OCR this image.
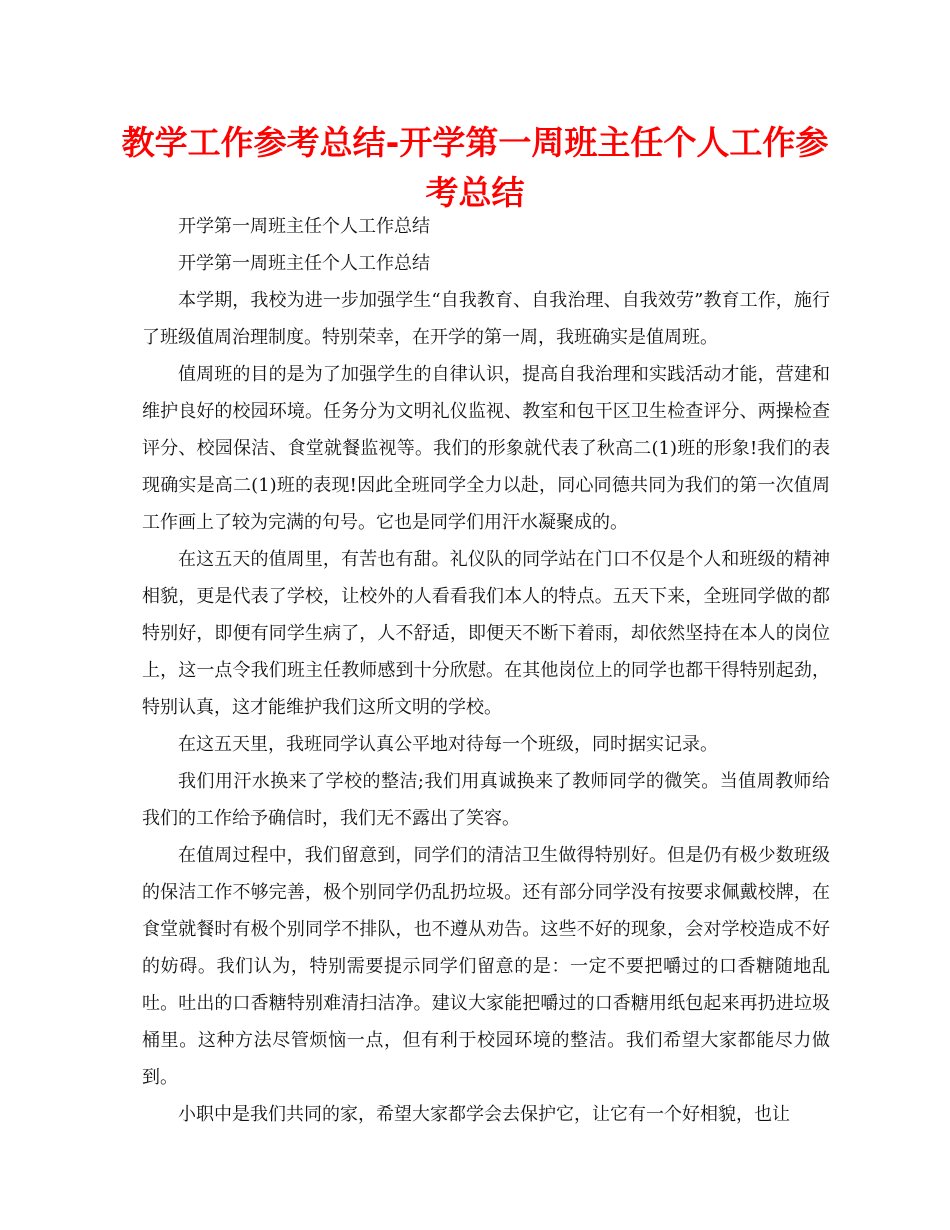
教学工作参考总结-开学第一周班主任个人工作参考总结

开学第一周班主任个人工作总结

开学第一周班主任个人工作总结

本学期，我校为进一步加强学生“自我教育、自我治理、自我效劳”教育工作，施行了班级值周治理制度。特别荣幸，在开学的第一周，我班确实是值周班。

值周班的目的是为了加强学生的自律认识，提高自我治理和实践活动才能，营建和维护良好的校园环境。任务分为文明礼仪监视、教室和包干区卫生检查评分、两操检查评分、校园保洁、食堂就餐监视等。我们的形象就代表了秋高二(1)班的形象!我们的表现确实是高二(1)班的表现!因此全班同学全力以赴，同心同德共同为我们的第一次值周工作画上了较为完满的句号。它也是同学们用汗水凝聚成的。

在这五天的值周里，有苦也有甜。礼仪队的同学站在门口不仅是个人和班级的精神相貌，更是代表了学校，让校外的人看看我们本人的特点。五天下来，全班同学做的都特别好，即便有同学生病了，人不舒适，即便天不断下着雨，却依然坚持在本人的岗位上，这一点令我们班主任教师感到十分欣慰。在其他岗位上的同学也都干得特别起劲，特别认真，这才能维护我们这所文明的学校。

在这五天里，我班同学认真公平地对待每一个班级，同时据实记录。

我们用汗水换来了学校的整洁;我们用真诚换来了教师同学的微笑。当值周教师给我们的工作给予确信时，我们无不露出了笑容。

在值周过程中，我们留意到，同学们的清洁卫生做得特别好。但是仍有极少数班级的保洁工作不够完善，极个别同学仍乱扔垃圾。还有部分同学没有按要求佩戴校牌，在食堂就餐时有极个别同学不排队，也不遵从劝告。这些不好的现象，会对学校造成不好的妨碍。我们认为，特别需要提示同学们留意的是：一定不要把嚼过的口香糖随地乱吐。吐出的口香糖特别难清扫洁净。建议大家能把嚼过的口香糖用纸包起来再扔进垃圾桶里。这种方法尽管烦恼一点，但有利于校园环境的整洁。我们希望大家都能尽力做到。

小职中是我们共同的家，希望大家都学会去保护它，让它有一个好相貌，也让
